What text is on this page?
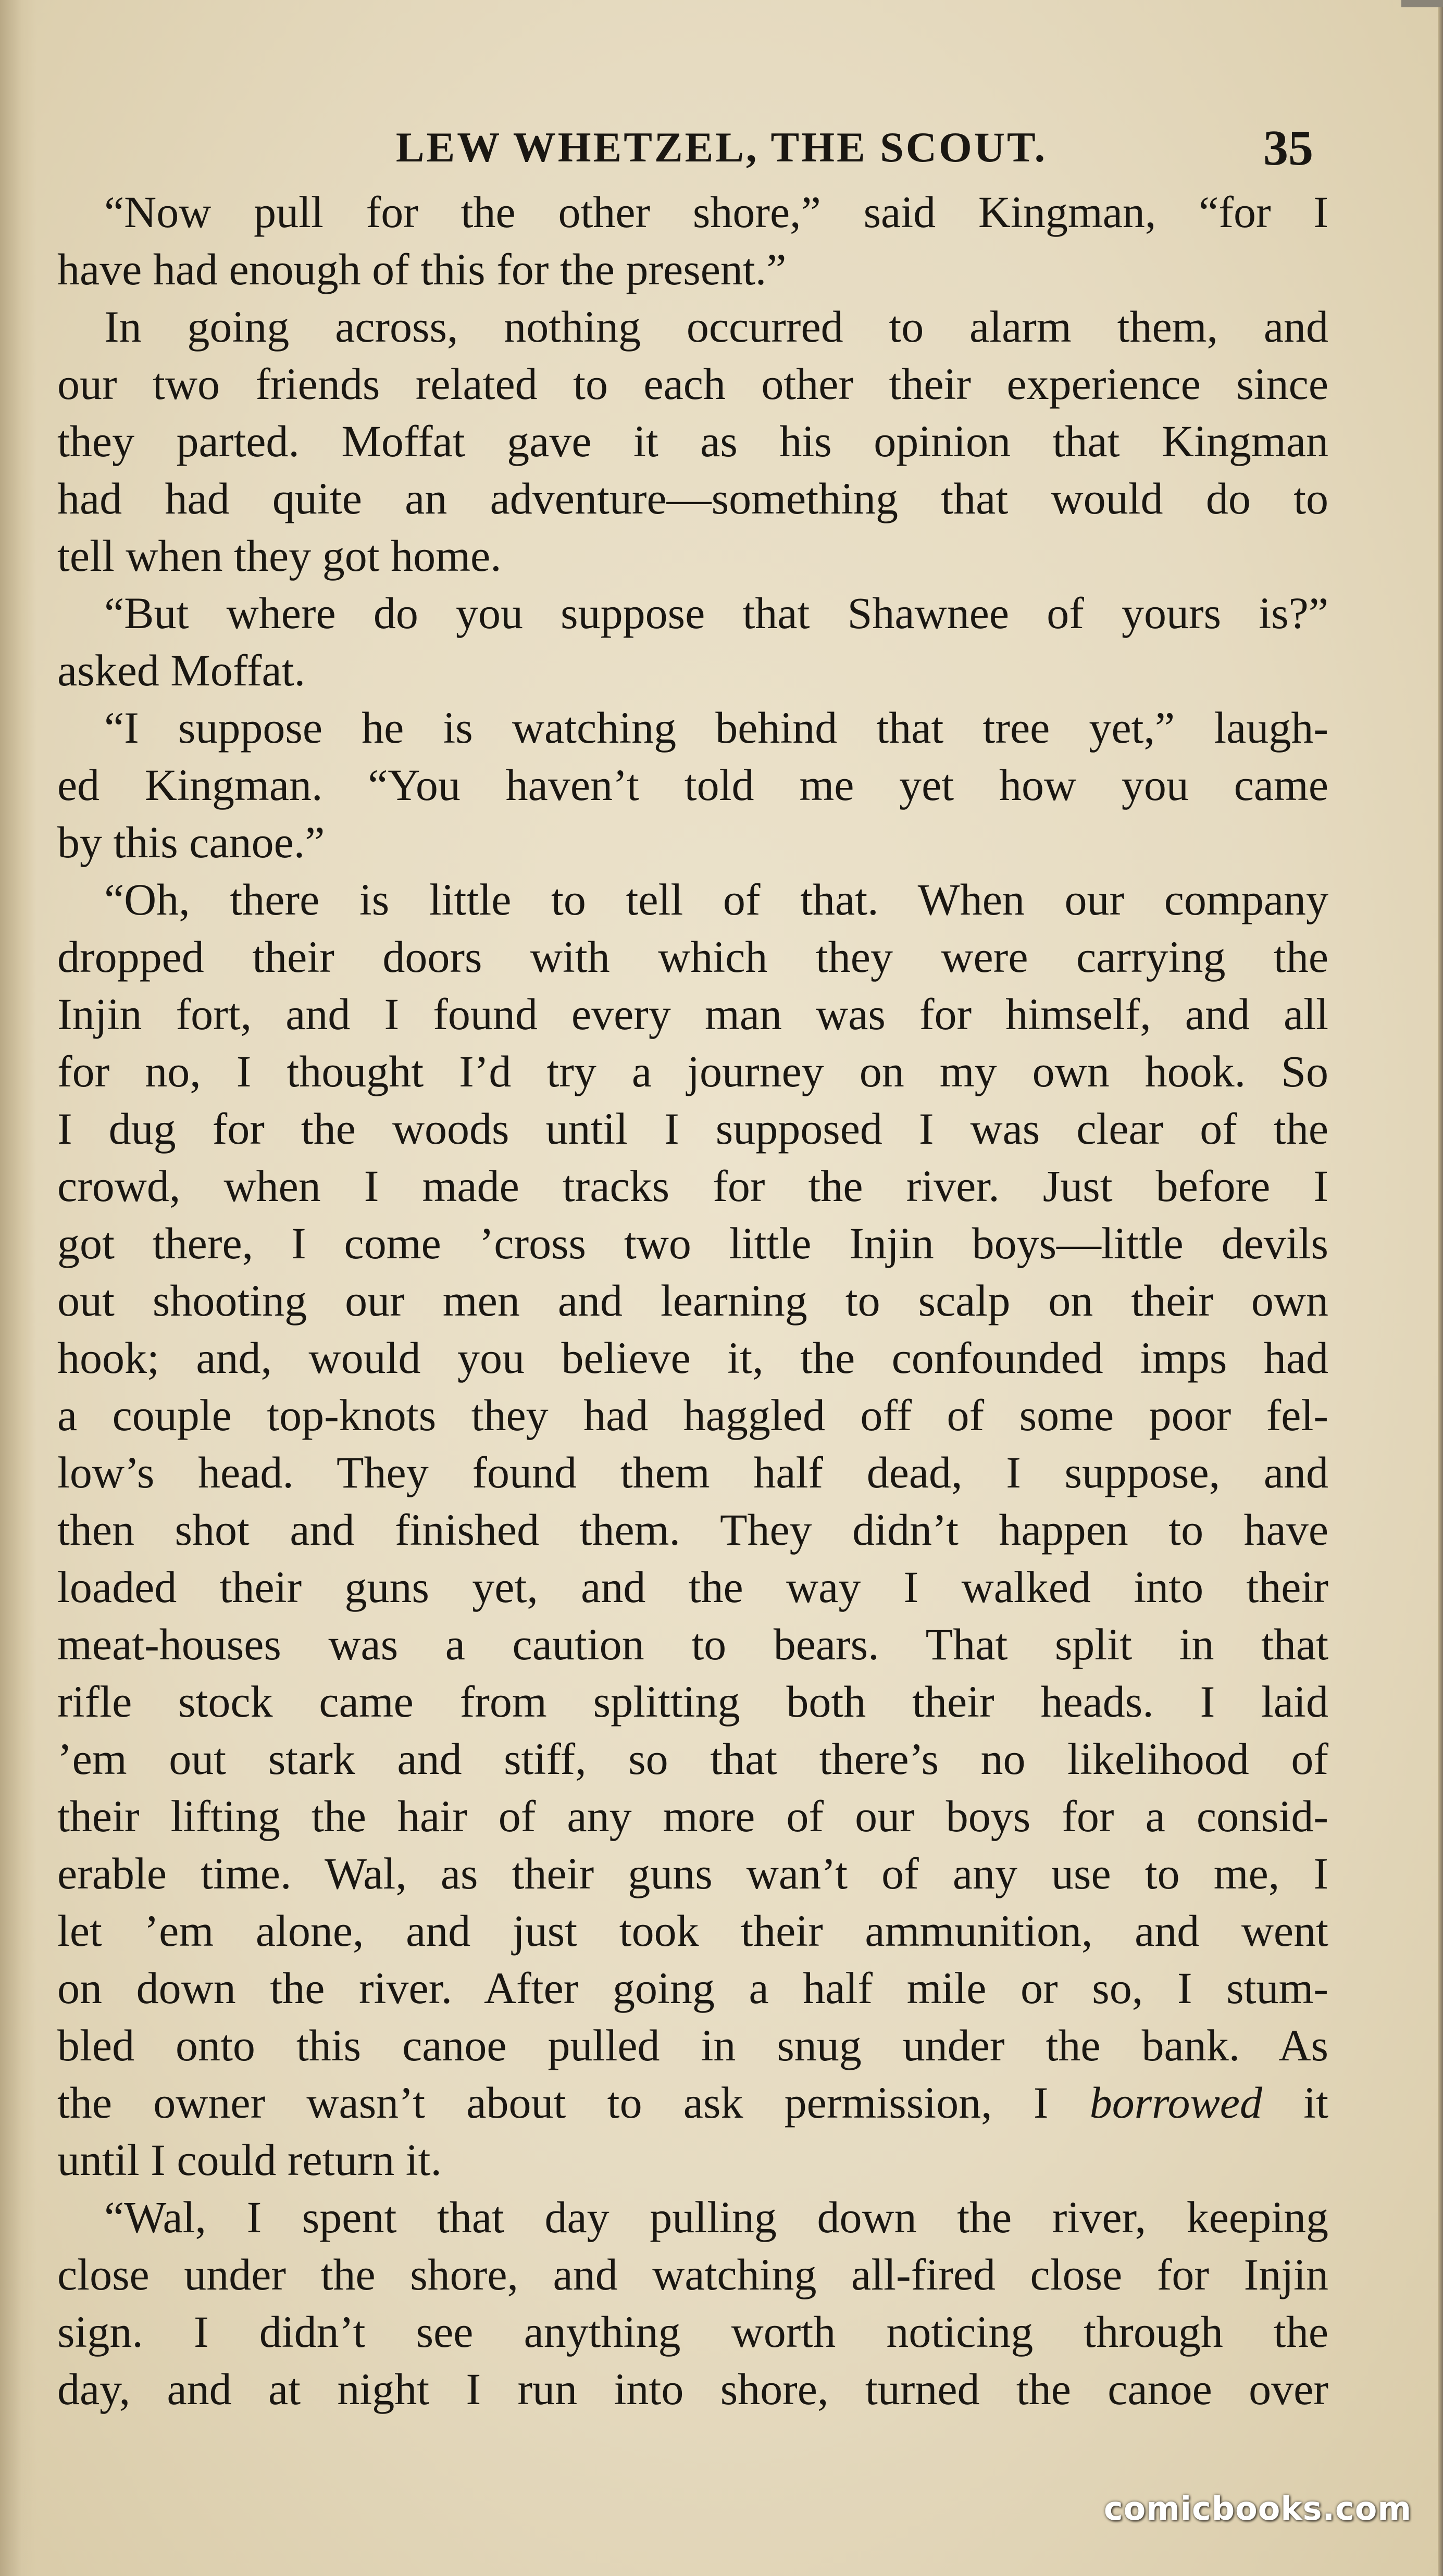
LEW WHETZEL, THE SCOUT.	35
“Now pull for the other shore,” said Kingman, “for I
have had enough of this for the present.”
In going across, nothing occurred to alarm them, and
our two friends related to each other their experience since
they parted. Moffat gave it as his opinion that Kingman
had had quite an adventure—something that would do to
tell when they got home.
“But where do you suppose that Shawnee of yours is?”
asked Moffat.
“I suppose he is watching behind that tree yet,” laugh-
ed Kingman. “You haven’t told me yet how you came
by this canoe.”
“Oh, there is little to tell of that. When our company
dropped their doors with which they were carrying the
Injin fort, and I found every man was for himself, and all
for no, I thought I’d try a journey on my own hook. So
I dug for the woods until I supposed I was clear of the
crowd, when I made tracks for the river. Just before I
got there, I come ’cross two little Injin boys—little devils
out shooting our men and learning to scalp on their own
hook; and, would you believe it, the confounded imps had
a couple top-knots they had haggled off of some poor fel-
low’s head. They found them half dead, I suppose, and
then shot and finished them. They didn’t happen to have
loaded their guns yet, and the way I walked into their
meat-houses was a caution to bears. That split in that
rifle stock came from splitting both their heads. I laid
’em out stark and stiff, so that there’s no likelihood of
their lifting the hair of any more of our boys for a consid-
erable time. Wal, as their guns wan’t of any use to me, I
let ’em alone, and just took their ammunition, and went
on down the river. After going a half mile or so, I stum-
bled onto this canoe pulled in snug under the bank. As
the owner wasn’t about to ask permission, I borrowed it
until I could return it.
“Wal, I spent that day pulling down the river, keeping
close under the shore, and watching all-fired close for Injin
sign. I didn’t see anything worth noticing through the
day, and at night I run into shore, turned the canoe over
comicbooks.com
